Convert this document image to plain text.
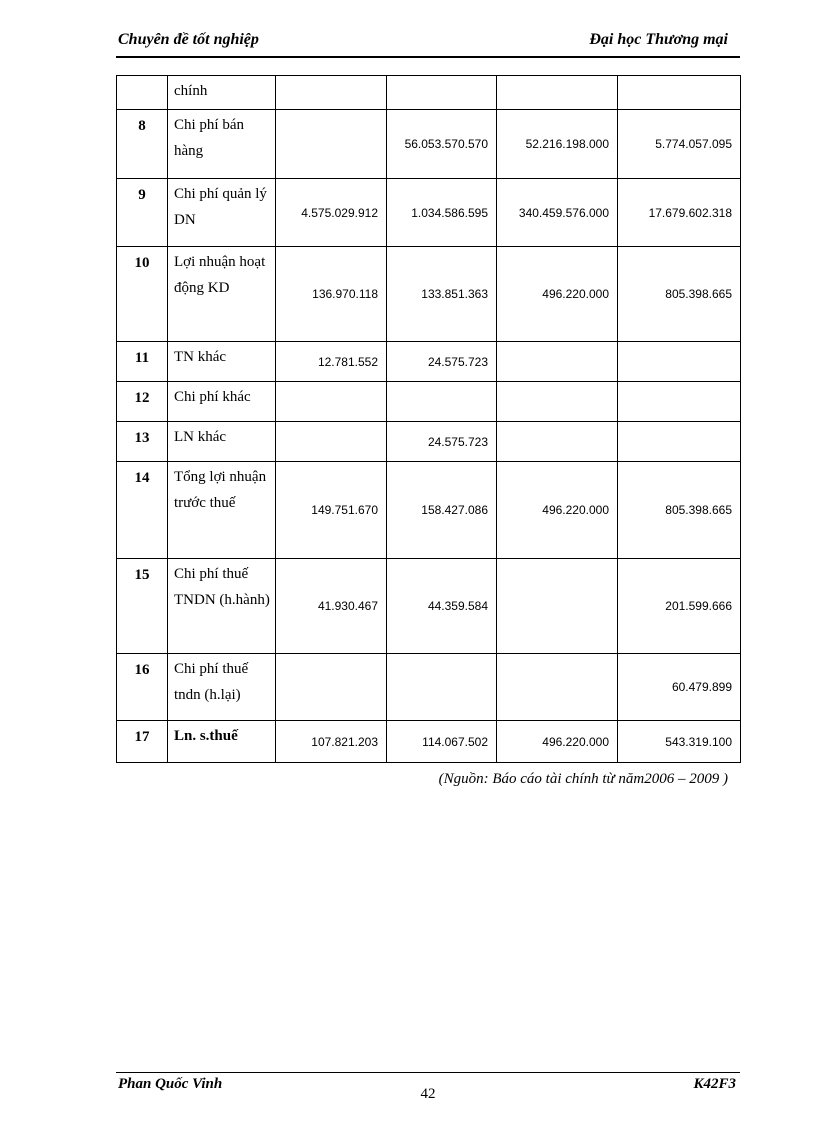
Chuyên đề tốt nghiệp	Đại học Thương mại
	chính				
8	Chi phí bán hàng		56.053.570.570	52.216.198.000	5.774.057.095
9	Chi phí quản lý DN	4.575.029.912	1.034.586.595	340.459.576.000	17.679.602.318
10	Lợi nhuận hoạt động KD	136.970.118	133.851.363	496.220.000	805.398.665
11	TN khác	12.781.552	24.575.723		
12	Chi phí khác				
13	LN khác		24.575.723		
14	Tổng lợi nhuận trước thuế	149.751.670	158.427.086	496.220.000	805.398.665
15	Chi phí thuế TNDN (h.hành)	41.930.467	44.359.584		201.599.666
16	Chi phí thuế tndn (h.lại)				60.479.899
17	Ln. s.thuế	107.821.203	114.067.502	496.220.000	543.319.100
(Nguồn: Báo cáo tài chính từ năm2006 – 2009 )
Phan Quốc Vinh
42
K42F3
